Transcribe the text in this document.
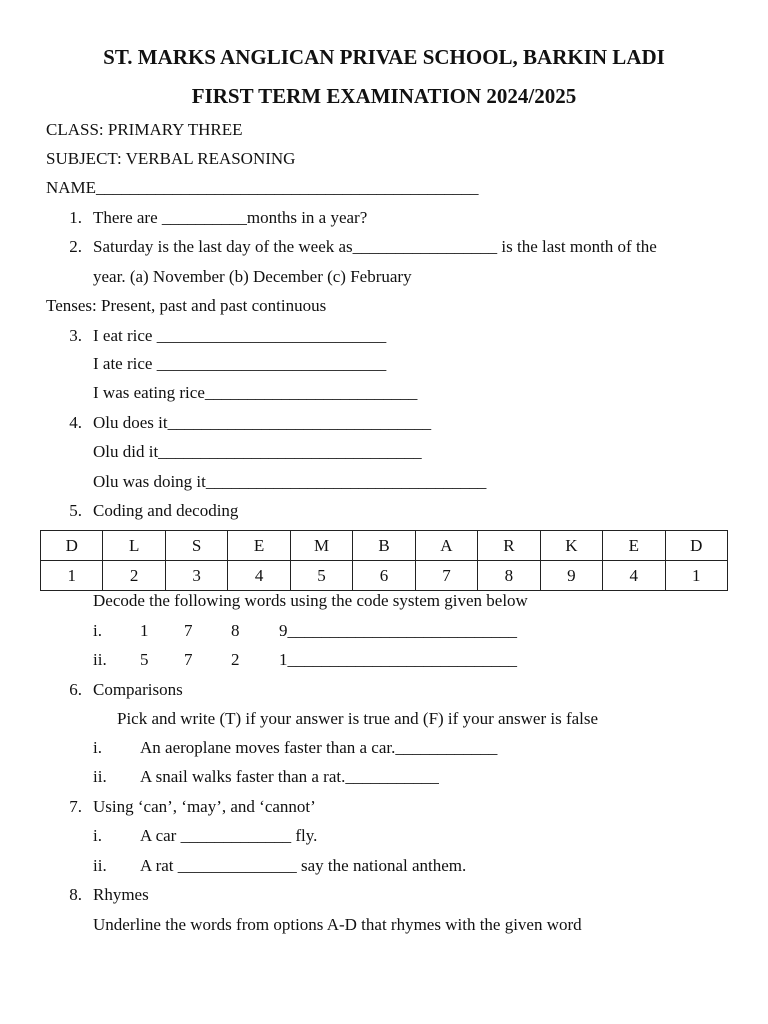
ST. MARKS ANGLICAN PRIVAE SCHOOL, BARKIN LADI
FIRST TERM EXAMINATION 2024/2025
CLASS: PRIMARY THREE
SUBJECT: VERBAL REASONING
NAME_____________________________________________
1. There are __________months in a year?
2. Saturday is the last day of the week as_________________ is the last month of the
year. (a) November (b) December (c) February
Tenses: Present, past and past continuous
3. I eat rice ___________________________
I ate rice ___________________________
I was eating rice_________________________
4. Olu does it_______________________________
Olu did it_______________________________
Olu was doing it_________________________________
5. Coding and decoding
D	L	S	E	M	B	A	R	K	E	D
1	2	3	4	5	6	7	8	9	4	1
Decode the following words using the code system given below
i. 1 7 8 9___________________________
ii. 5 7 2 1___________________________
6. Comparisons
Pick and write (T) if your answer is true and (F) if your answer is false
i. An aeroplane moves faster than a car.____________
ii. A snail walks faster than a rat.___________
7. Using ‘can’, ‘may’, and ‘cannot’
i. A car _____________ fly.
ii. A rat ______________ say the national anthem.
8. Rhymes
Underline the words from options A-D that rhymes with the given word
